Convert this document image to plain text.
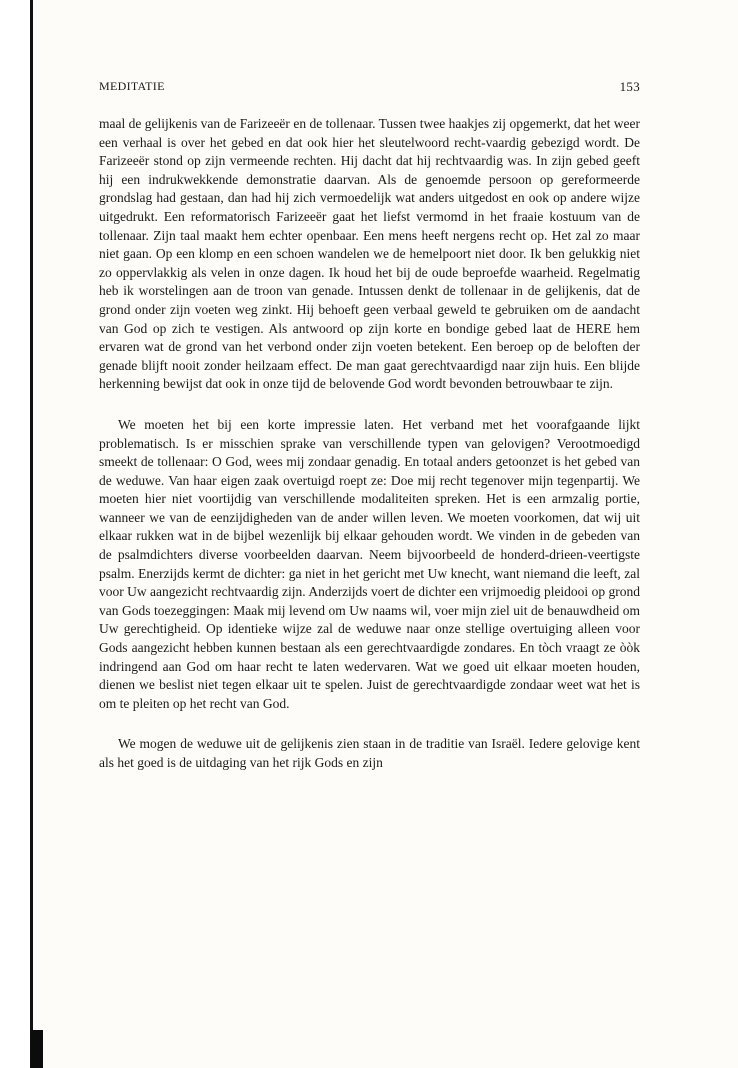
MEDITATIE	153

maal de gelijkenis van de Farizeeër en de tollenaar. Tussen twee haakjes zij opgemerkt, dat het weer een verhaal is over het gebed en dat ook hier het sleutelwoord recht-vaardig gebezigd wordt. De Farizeeër stond op zijn vermeende rechten. Hij dacht dat hij rechtvaardig was. In zijn gebed geeft hij een indrukwekkende demonstratie daarvan. Als de genoemde persoon op gereformeerde grondslag had gestaan, dan had hij zich vermoedelijk wat anders uitgedost en ook op andere wijze uitgedrukt. Een reformatorisch Farizeeër gaat het liefst vermomd in het fraaie kostuum van de tollenaar. Zijn taal maakt hem echter openbaar. Een mens heeft nergens recht op. Het zal zo maar niet gaan. Op een klomp en een schoen wandelen we de hemelpoort niet door. Ik ben gelukkig niet zo oppervlakkig als velen in onze dagen. Ik houd het bij de oude beproefde waarheid. Regelmatig heb ik worstelingen aan de troon van genade. Intussen denkt de tollenaar in de gelijkenis, dat de grond onder zijn voeten weg zinkt. Hij behoeft geen verbaal geweld te gebruiken om de aandacht van God op zich te vestigen. Als antwoord op zijn korte en bondige gebed laat de HERE hem ervaren wat de grond van het verbond onder zijn voeten betekent. Een beroep op de beloften der genade blijft nooit zonder heilzaam effect. De man gaat gerechtvaardigd naar zijn huis. Een blijde herkenning bewijst dat ook in onze tijd de belovende God wordt bevonden betrouwbaar te zijn.

We moeten het bij een korte impressie laten. Het verband met het voorafgaande lijkt problematisch. Is er misschien sprake van verschillende typen van gelovigen? Verootmoedigd smeekt de tollenaar: O God, wees mij zondaar genadig. En totaal anders getoonzet is het gebed van de weduwe. Van haar eigen zaak overtuigd roept ze: Doe mij recht tegenover mijn tegenpartij. We moeten hier niet voortijdig van verschillende modaliteiten spreken. Het is een armzalig portie, wanneer we van de eenzijdigheden van de ander willen leven. We moeten voorkomen, dat wij uit elkaar rukken wat in de bijbel wezenlijk bij elkaar gehouden wordt. We vinden in de gebeden van de psalmdichters diverse voorbeelden daarvan. Neem bijvoorbeeld de honderd-drieen-veertigste psalm. Enerzijds kermt de dichter: ga niet in het gericht met Uw knecht, want niemand die leeft, zal voor Uw aangezicht rechtvaardig zijn. Anderzijds voert de dichter een vrijmoedig pleidooi op grond van Gods toezeggingen: Maak mij levend om Uw naams wil, voer mijn ziel uit de benauwdheid om Uw gerechtigheid. Op identieke wijze zal de weduwe naar onze stellige overtuiging alleen voor Gods aangezicht hebben kunnen bestaan als een gerechtvaardigde zondares. En tòch vraagt ze òòk indringend aan God om haar recht te laten wedervaren. Wat we goed uit elkaar moeten houden, dienen we beslist niet tegen elkaar uit te spelen. Juist de gerechtvaardigde zondaar weet wat het is om te pleiten op het recht van God.

We mogen de weduwe uit de gelijkenis zien staan in de traditie van Israël. Iedere gelovige kent als het goed is de uitdaging van het rijk Gods en zijn
